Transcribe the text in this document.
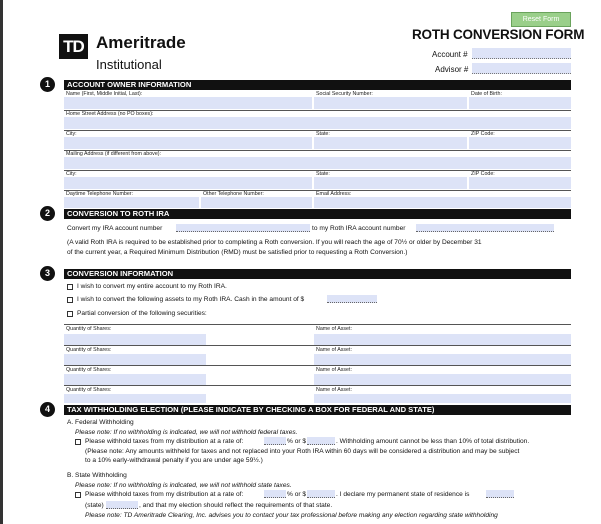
Reset Form
TD Ameritrade
Institutional
ROTH CONVERSION FORM
Account #
Advisor #
1	ACCOUNT OWNER INFORMATION
Name (First, Middle Initial, Last):	Social Security Number:	Date of Birth:
Home Street Address (no PO boxes):
City:	State:	ZIP Code:
Mailing Address (if different from above):
City:	State:	ZIP Code:
Daytime Telephone Number:	Other Telephone Number:	Email Address:
2	CONVERSION TO ROTH IRA
Convert my IRA account number	to my Roth IRA account number
(A valid Roth IRA is required to be established prior to completing a Roth conversion. If you will reach the age of 70½ or older by December 31
of the current year, a Required Minimum Distribution (RMD) must be satisfied prior to requesting a Roth Conversion.)
3	CONVERSION INFORMATION
I wish to convert my entire account to my Roth IRA.
I wish to convert the following assets to my Roth IRA. Cash in the amount of $
Partial conversion of the following securities:
Quantity of Shares:	Name of Asset:
Quantity of Shares:	Name of Asset:
Quantity of Shares:	Name of Asset:
Quantity of Shares:	Name of Asset:
4	TAX WITHHOLDING ELECTION (PLEASE INDICATE BY CHECKING A BOX FOR FEDERAL AND STATE)
A. Federal Withholding
Please note: If no withholding is indicated, we will not withhold federal taxes.
Please withhold taxes from my distribution at a rate of:	% or $	. Withholding amount cannot be less than 10% of total distribution.
(Please note: Any amounts withheld for taxes and not replaced into your Roth IRA within 60 days will be considered a distribution and may be subject
to a 10% early-withdrawal penalty if you are under age 59½.)
B. State Withholding
Please note: If no withholding is indicated, we will not withhold state taxes.
Please withhold taxes from my distribution at a rate of:	% or $	. I declare my permanent state of residence is
(state)	, and that my election should reflect the requirements of that state.
Please note: TD Ameritrade Clearing, Inc. advises you to contact your tax professional before making any election regarding state withholding
